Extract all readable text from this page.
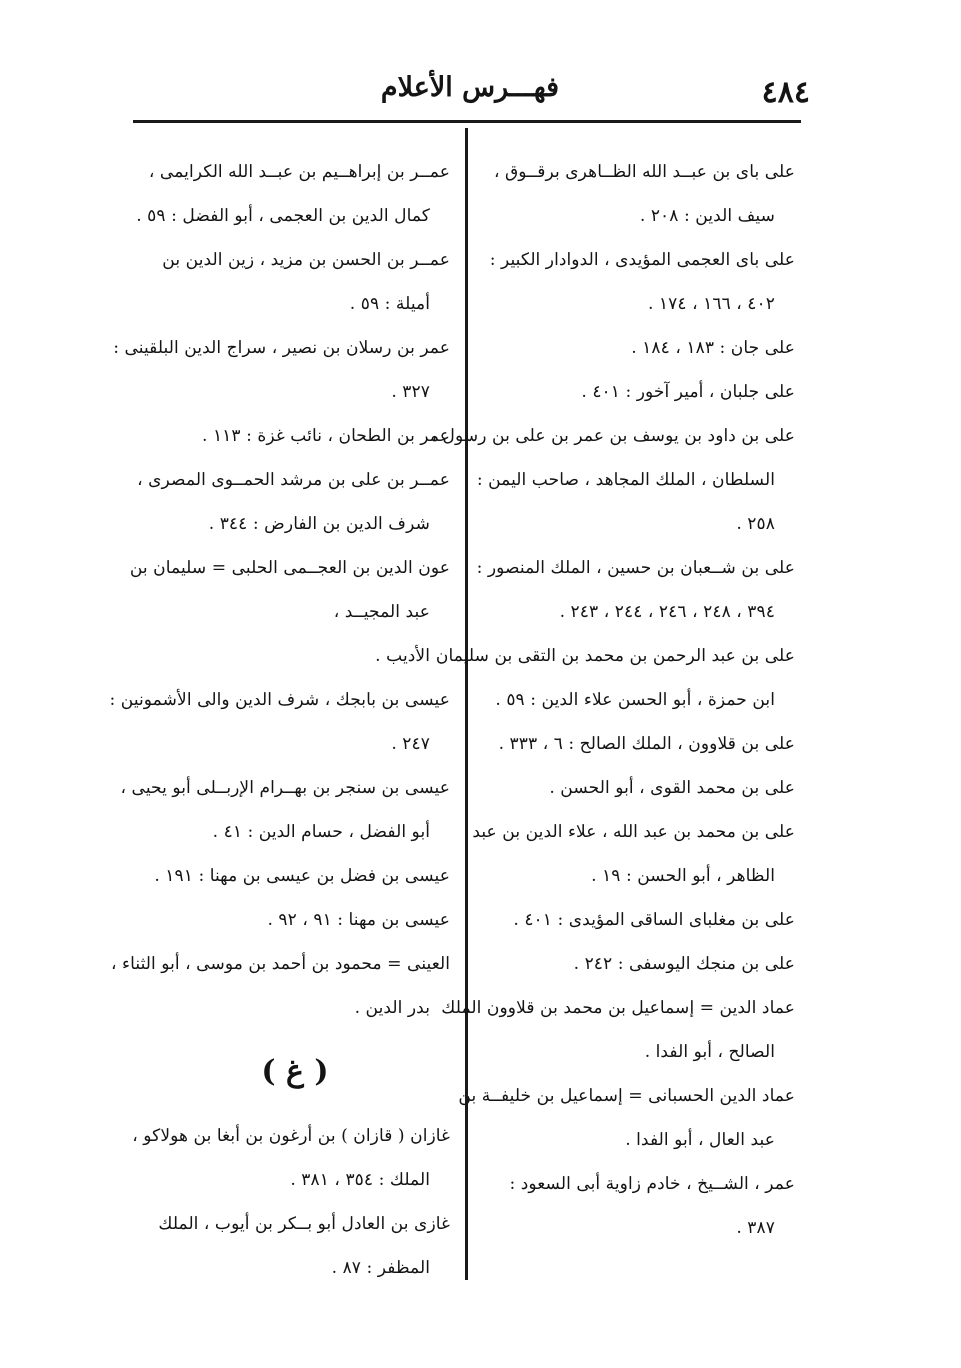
٤٨٤
فهـــرس الأعلام
على باى بن عبــد الله الظــاهرى برقــوق ،
سيف الدين : ٢٠٨ .
على باى العجمى المؤيدى ، الدوادار الكبير :
٤٠٢ ، ١٦٦ ، ١٧٤ .
على جان : ١٨٣ ، ١٨٤ .
على جلبان ، أمير آخور : ٤٠١ .
على بن داود بن يوسف بن عمر بن على بن رسول ،
السلطان ، الملك المجاهد ، صاحب اليمن :
٢٥٨ .
على بن شــعبان بن حسين ، الملك المنصور :
٣٩٤ ، ٢٤٨ ، ٢٤٦ ، ٢٤٤ ، ٢٤٣ .
على بن عبد الرحمن بن محمد بن التقى بن سليمان
ابن حمزة ، أبو الحسن علاء الدين : ٥٩ .
على بن قلاوون ، الملك الصالح : ٦ ، ٣٣٣ .
على بن محمد القوى ، أبو الحسن .
على بن محمد بن عبد الله ، علاء الدين بن عبد
الظاهر ، أبو الحسن : ١٩ .
على بن مغلباى الساقى المؤيدى : ٤٠١ .
على بن منجك اليوسفى : ٢٤٢ .
عماد الدين = إسماعيل بن محمد بن قلاوون الملك
الصالح ، أبو الفدا .
عماد الدين الحسبانى = إسماعيل بن خليفــة بن
عبد العال ، أبو الفدا .
عمر ، الشــيخ ، خادم زاوية أبى السعود :
٣٨٧ .
عمــر بن إبراهــيم بن عبــد الله الكرايمى ،
كمال الدين بن العجمى ، أبو الفضل : ٥٩ .
عمــر بن الحسن بن مزيد ، زين الدين بن
أميلة : ٥٩ .
عمر بن رسلان بن نصير ، سراج الدين البلقينى :
٣٢٧ .
عمر بن الطحان ، نائب غزة : ١١٣ .
عمــر بن على بن مرشد الحمــوى المصرى ،
شرف الدين بن الفارض : ٣٤٤ .
عون الدين بن العجــمى الحلبى = سليمان بن
عبد المجيــد ،
الأديب .
عيسى بن بابجك ، شرف الدين والى الأشمونين :
٢٤٧ .
عيسى بن سنجر بن بهــرام الإربــلى أبو يحيى ،
أبو الفضل ، حسام الدين : ٤١ .
عيسى بن فضل بن عيسى بن مهنا : ١٩١ .
عيسى بن مهنا : ٩١ ، ٩٢ .
العينى = محمود بن أحمد بن موسى ، أبو الثناء ،
بدر الدين .
( غ )
غازان ( قازان ) بن أرغون بن أبغا بن هولاكو ،
الملك : ٣٥٤ ، ٣٨١ .
غازى بن العادل أبو بــكر بن أيوب ، الملك
المظفر : ٨٧ .
